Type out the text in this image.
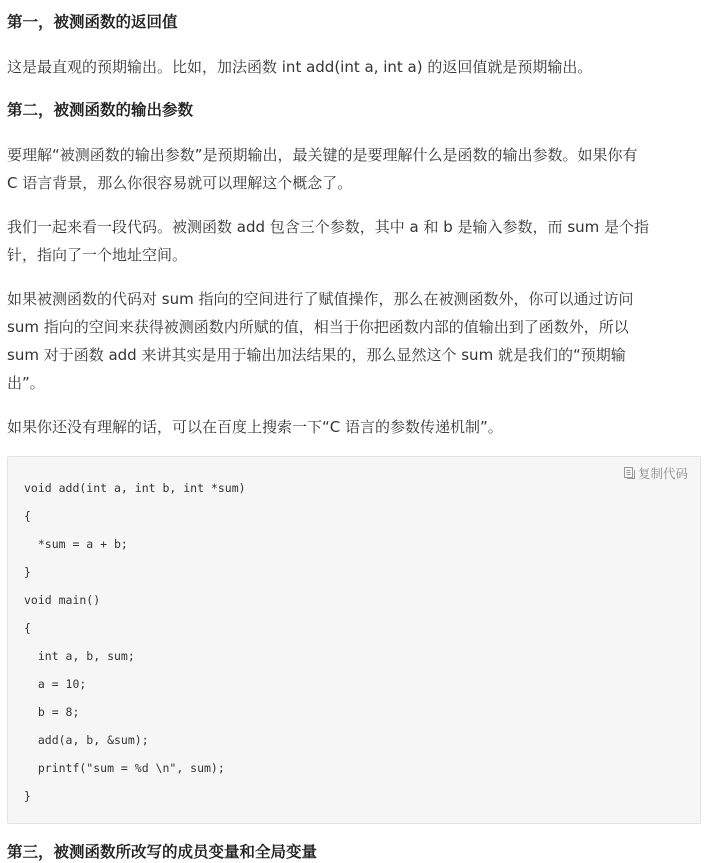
第一，被测函数的返回值

这是最直观的预期输出。比如，加法函数 int add(int a, int a) 的返回值就是预期输出。

第二，被测函数的输出参数

要理解“被测函数的输出参数”是预期输出，最关键的是要理解什么是函数的输出参数。如果你有
C 语言背景，那么你很容易就可以理解这个概念了。

我们一起来看一段代码。被测函数 add 包含三个参数，其中 a 和 b 是输入参数，而 sum 是个指
针，指向了一个地址空间。

如果被测函数的代码对 sum 指向的空间进行了赋值操作，那么在被测函数外，你可以通过访问
sum 指向的空间来获得被测函数内所赋的值，相当于你把函数内部的值输出到了函数外，所以
sum 对于函数 add 来讲其实是用于输出加法结果的，那么显然这个 sum 就是我们的“预期输
出”。

如果你还没有理解的话，可以在百度上搜索一下“C 语言的参数传递机制”。

复制代码
void add(int a, int b, int *sum)
{
*sum = a + b;
}
void main()
{
int a, b, sum;
a = 10;
b = 8;
add(a, b, &sum);
printf("sum = %d \n", sum);
}
第三，被测函数所改写的成员变量和全局变量
